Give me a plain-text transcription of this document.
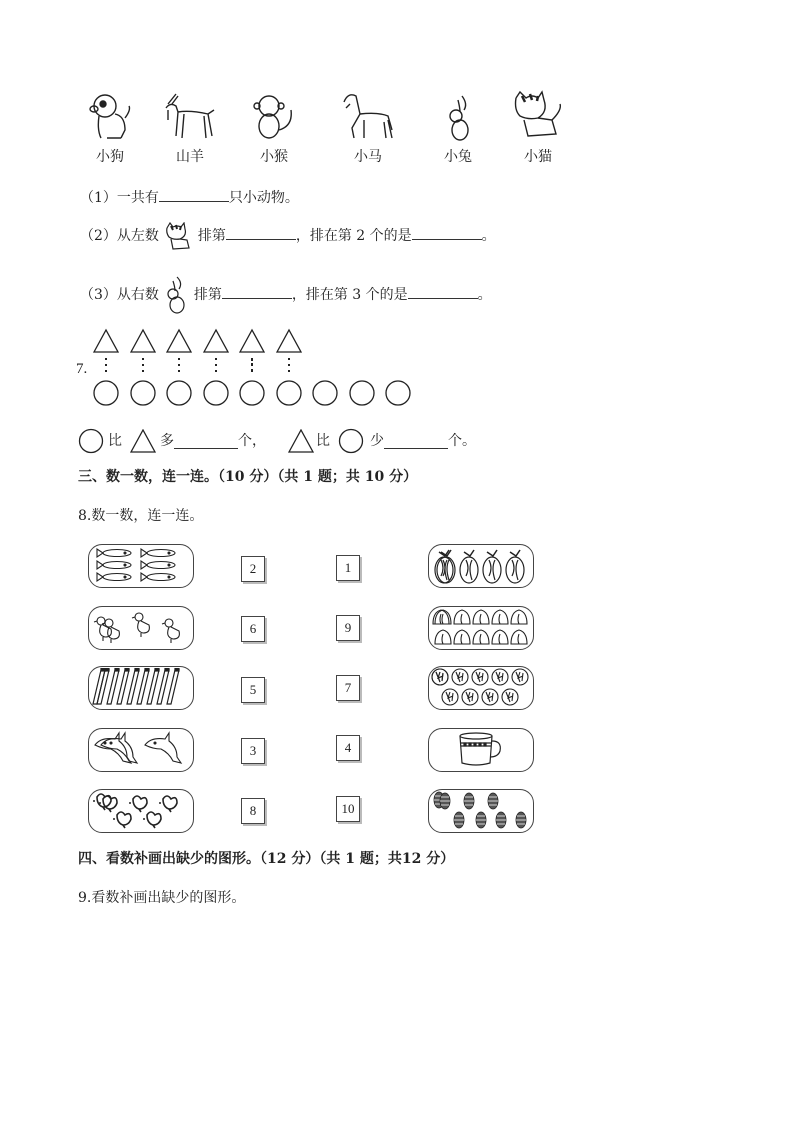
小狗	山羊	小猴	小马	小兔	小猫
（1）一共有	只小动物。
（2）从左数	排第	，排在第 2 个的是	。
（3）从右数 排第	，排在第 3 个的是	。
7.
比	多	个，	比	少	个。
三、数一数，连一连。（10 分）（共 1 题；共 10 分）
8.数一数，连一连。
2
6
5
3
8
1
9
7
4
10
四、看数补画出缺少的图形。（12 分）（共 1 题；共12 分）
9.看数补画出缺少的图形。
